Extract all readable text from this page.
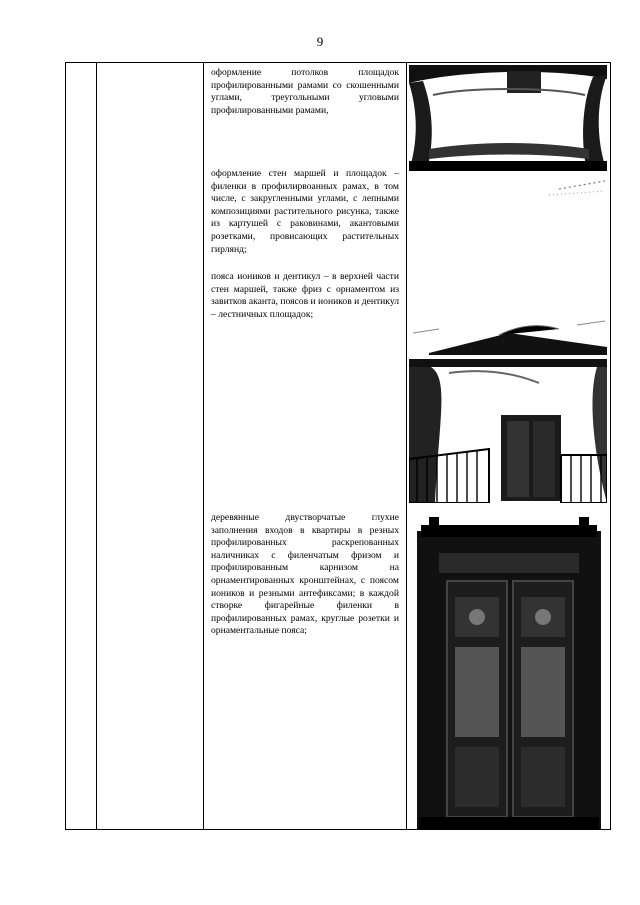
9

оформление потолков площадок профилированными рамами со скошенными углами, треугольными угловыми профилированными рамами,

оформление стен маршей и площадок – филенки в профилирвоанных рамах, в том числе, с закругленными углами, с лепными композициями растительного рисунка, также из картушей с раковинами, акантовыми розетками, провисающих растительных гирлянд;

пояса иоников и дентикул – в верхней части стен маршей, также фриз с орнаментом из завитков аканта, поясов и иоников и дентикул – лестничных площадок;

деревянные двустворчатые глухие заполнения входов в квартиры в резных профилированных раскрепованных наличниках с филенчатым фризом и профилированным карнизом на орнаментированных кронштейнах, с поясом иоников и резными антефиксами; в каждой створке фигарейные филенки в профилированных рамах, круглые розетки и орнаментальные пояса;
